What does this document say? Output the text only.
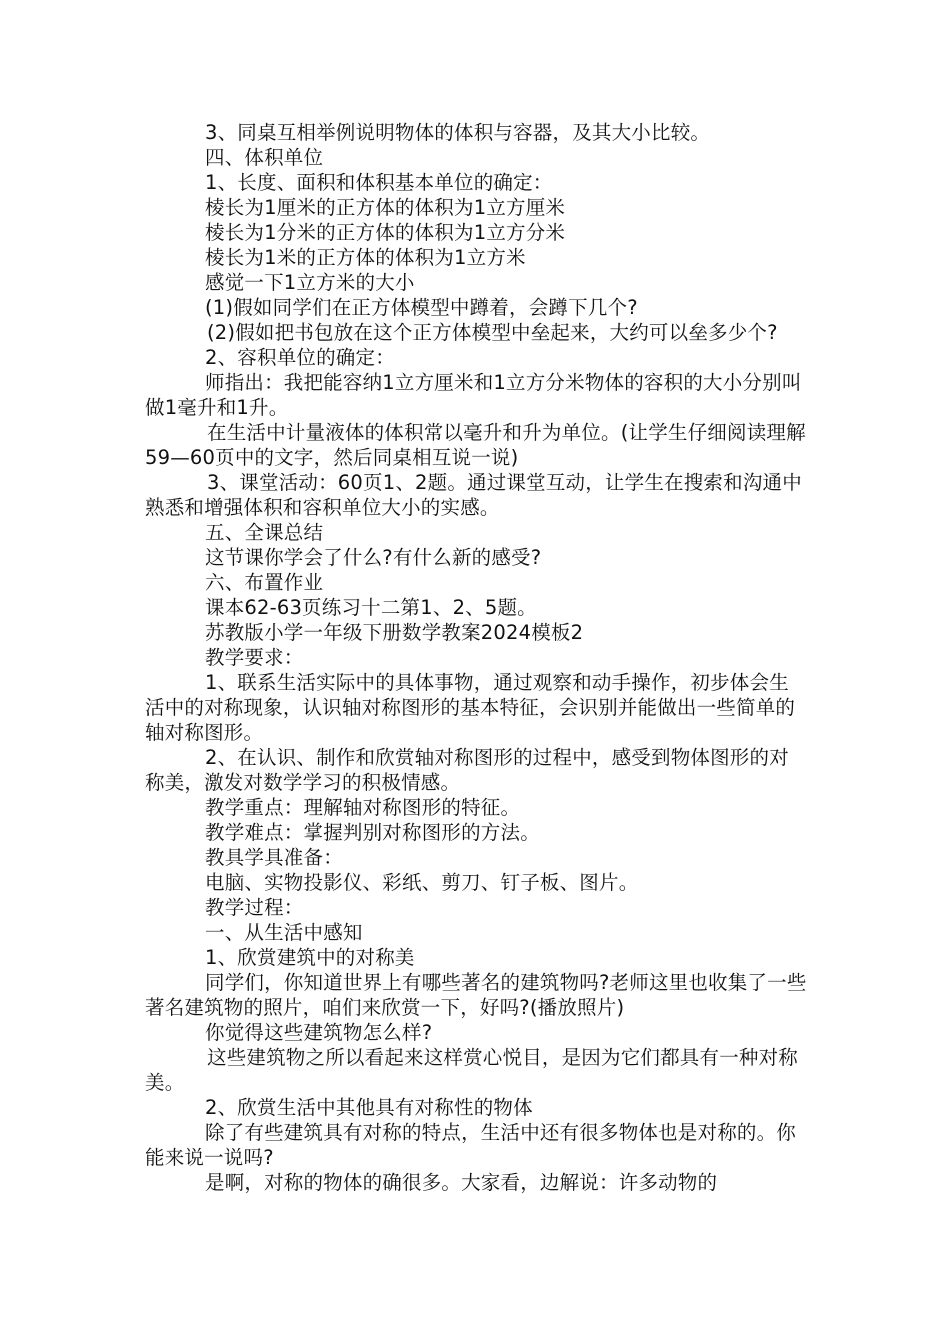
3、同桌互相举例说明物体的体积与容器，及其大小比较。

四、体积单位

1、长度、面积和体积基本单位的确定：

棱长为1厘米的正方体的体积为1立方厘米

棱长为1分米的正方体的体积为1立方分米

棱长为1米的正方体的体积为1立方米

感觉一下1立方米的大小

(1)假如同学们在正方体模型中蹲着，会蹲下几个?

(2)假如把书包放在这个正方体模型中垒起来，大约可以垒多少个?

2、容积单位的确定：

师指出：我把能容纳1立方厘米和1立方分米物体的容积的大小分别叫做1毫升和1升。

在生活中计量液体的体积常以毫升和升为单位。(让学生仔细阅读理解59—60页中的文字，然后同桌相互说一说)

3、课堂活动：60页1、2题。通过课堂互动，让学生在搜索和沟通中熟悉和增强体积和容积单位大小的实感。

五、全课总结

这节课你学会了什么?有什么新的感受?

六、布置作业

课本62-63页练习十二第1、2、5题。

苏教版小学一年级下册数学教案2024模板2

教学要求：

1、联系生活实际中的具体事物，通过观察和动手操作，初步体会生活中的对称现象，认识轴对称图形的基本特征，会识别并能做出一些简单的轴对称图形。

2、在认识、制作和欣赏轴对称图形的过程中，感受到物体图形的对称美，激发对数学学习的积极情感。

教学重点：理解轴对称图形的特征。

教学难点：掌握判别对称图形的方法。

教具学具准备：

电脑、实物投影仪、彩纸、剪刀、钉子板、图片。

教学过程：

一、从生活中感知

1、欣赏建筑中的对称美

同学们，你知道世界上有哪些著名的建筑物吗?老师这里也收集了一些著名建筑物的照片，咱们来欣赏一下，好吗?(播放照片)

你觉得这些建筑物怎么样?

这些建筑物之所以看起来这样赏心悦目，是因为它们都具有一种对称美。

2、欣赏生活中其他具有对称性的物体

除了有些建筑具有对称的特点，生活中还有很多物体也是对称的。你能来说一说吗?

是啊，对称的物体的确很多。大家看，边解说：许多动物的
